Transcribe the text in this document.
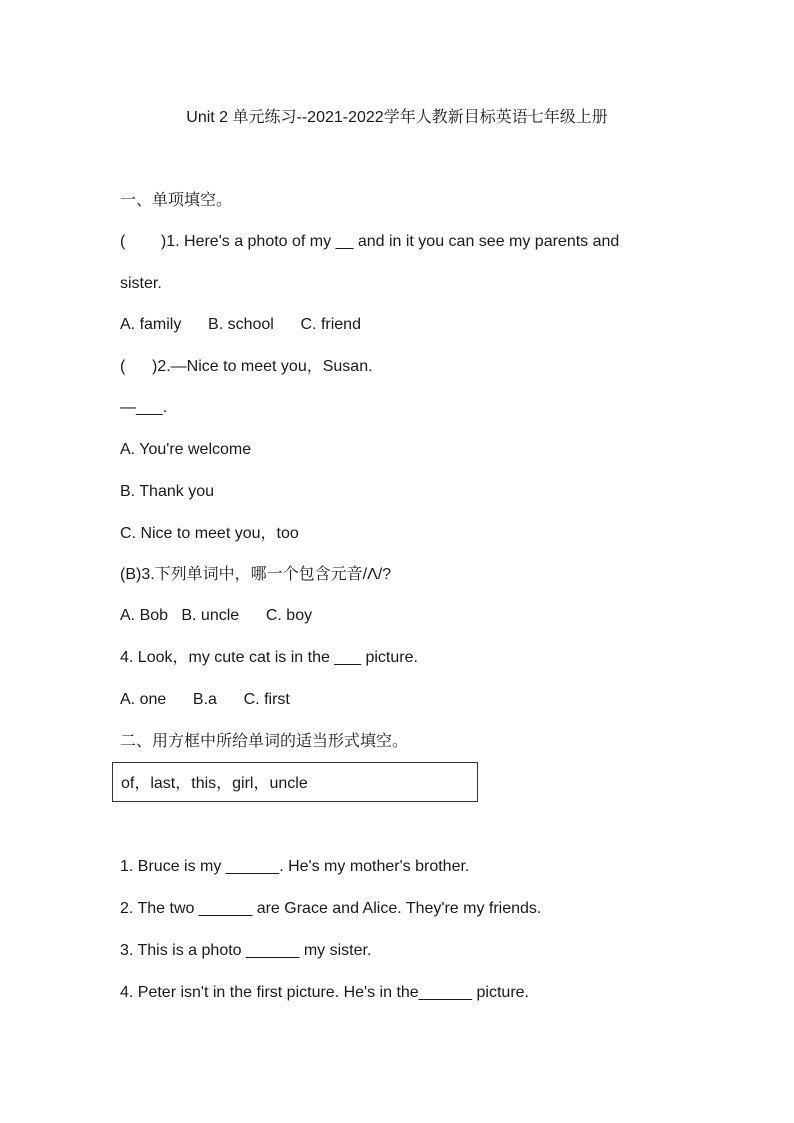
Unit 2 单元练习--2021-2022学年人教新目标英语七年级上册
一、单项填空。
(        )1. Here's a photo of my __ and in it you can see my parents and
sister.
A. family      B. school      C. friend
(      )2.—Nice to meet you，Susan.
—___.
A. You're welcome
B. Thank you
C. Nice to meet you，too
(B)3.下列单词中，哪一个包含元音/Λ/?
A. Bob   B. uncle      C. boy
4. Look，my cute cat is in the ___ picture.
A. one      B.a      C. first
二、用方框中所给单词的适当形式填空。
of，last，this，girl，uncle
1. Bruce is my ______. He's my mother's brother.
2. The two ______ are Grace and Alice. They're my friends.
3. This is a photo ______ my sister.
4. Peter isn't in the first picture. He's in the______ picture.
